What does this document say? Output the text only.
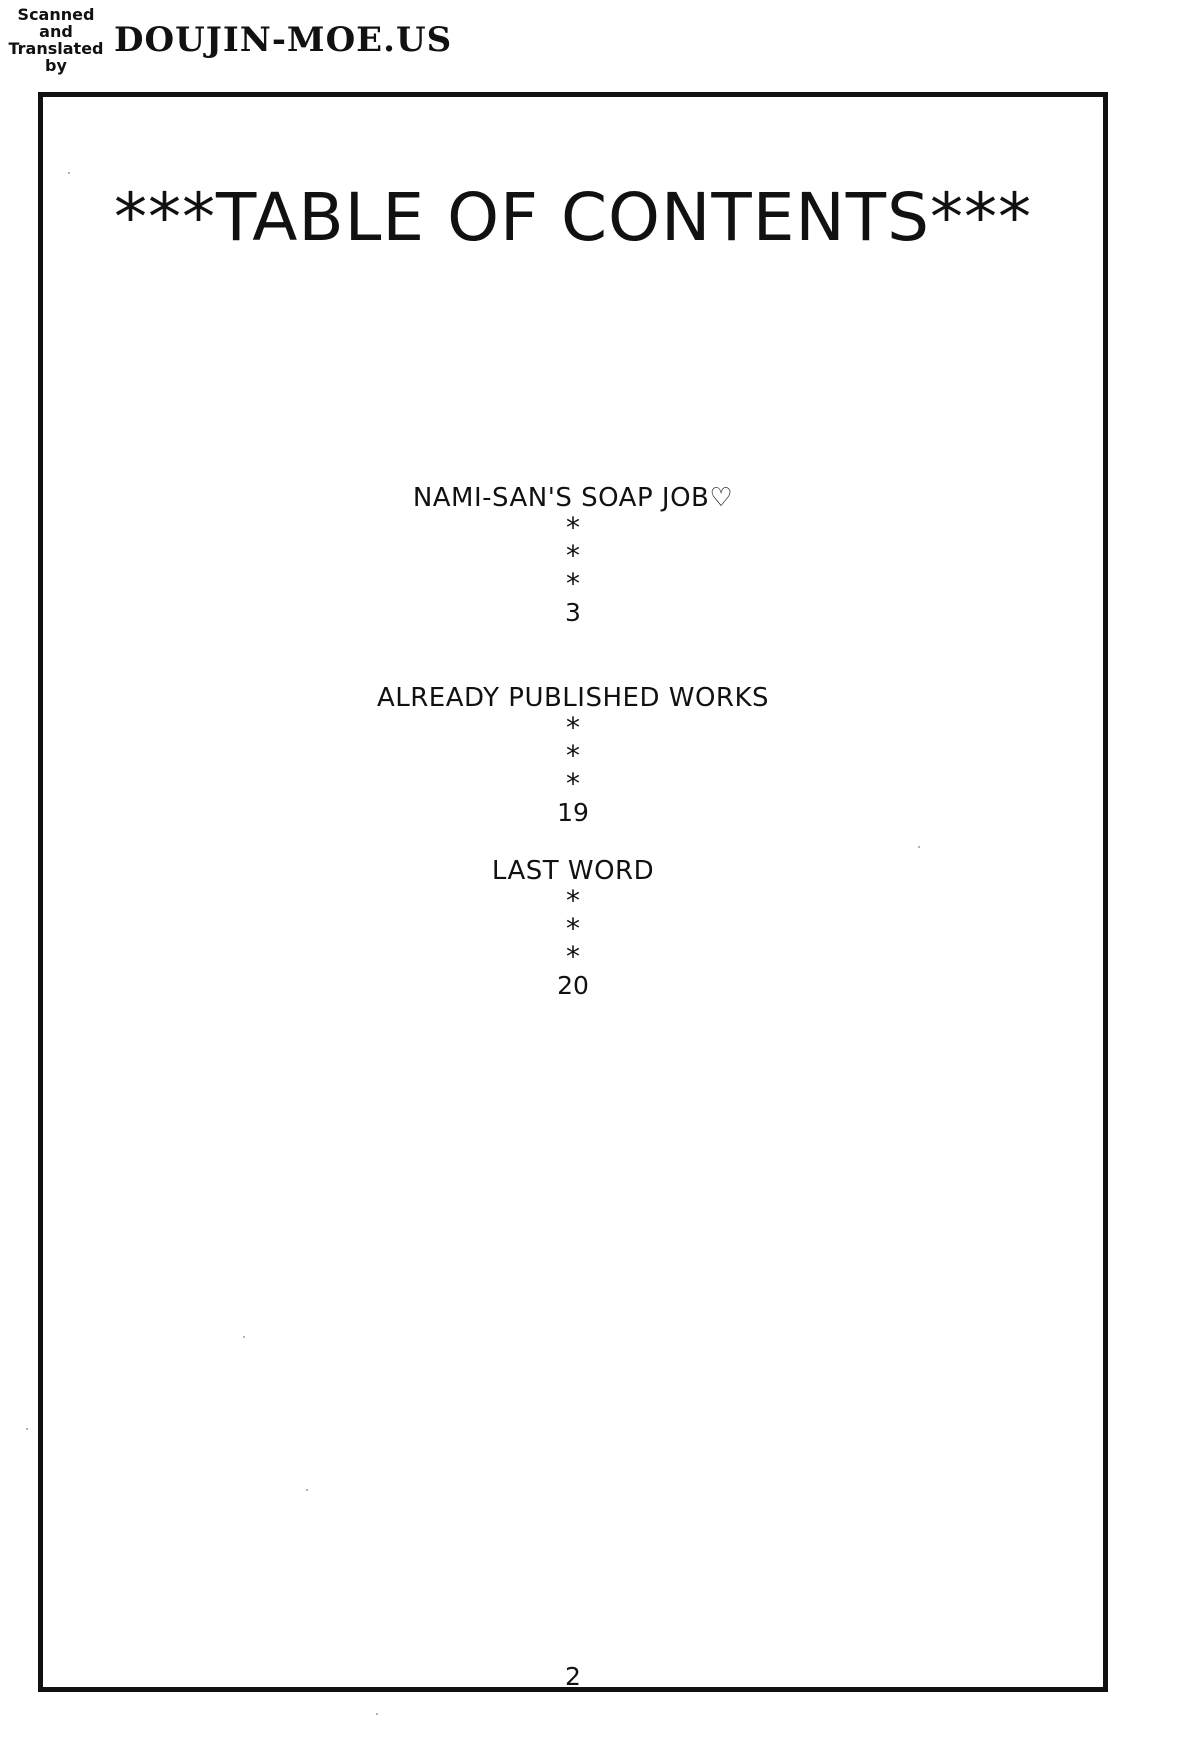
Scanned
and
Translated
by
DOUJIN-MOE.US
***TABLE OF CONTENTS***
NAMI-SAN'S SOAP JOB♡
*
*
*
3
ALREADY PUBLISHED WORKS
*
*
*
19
LAST WORD
*
*
*
20
2
